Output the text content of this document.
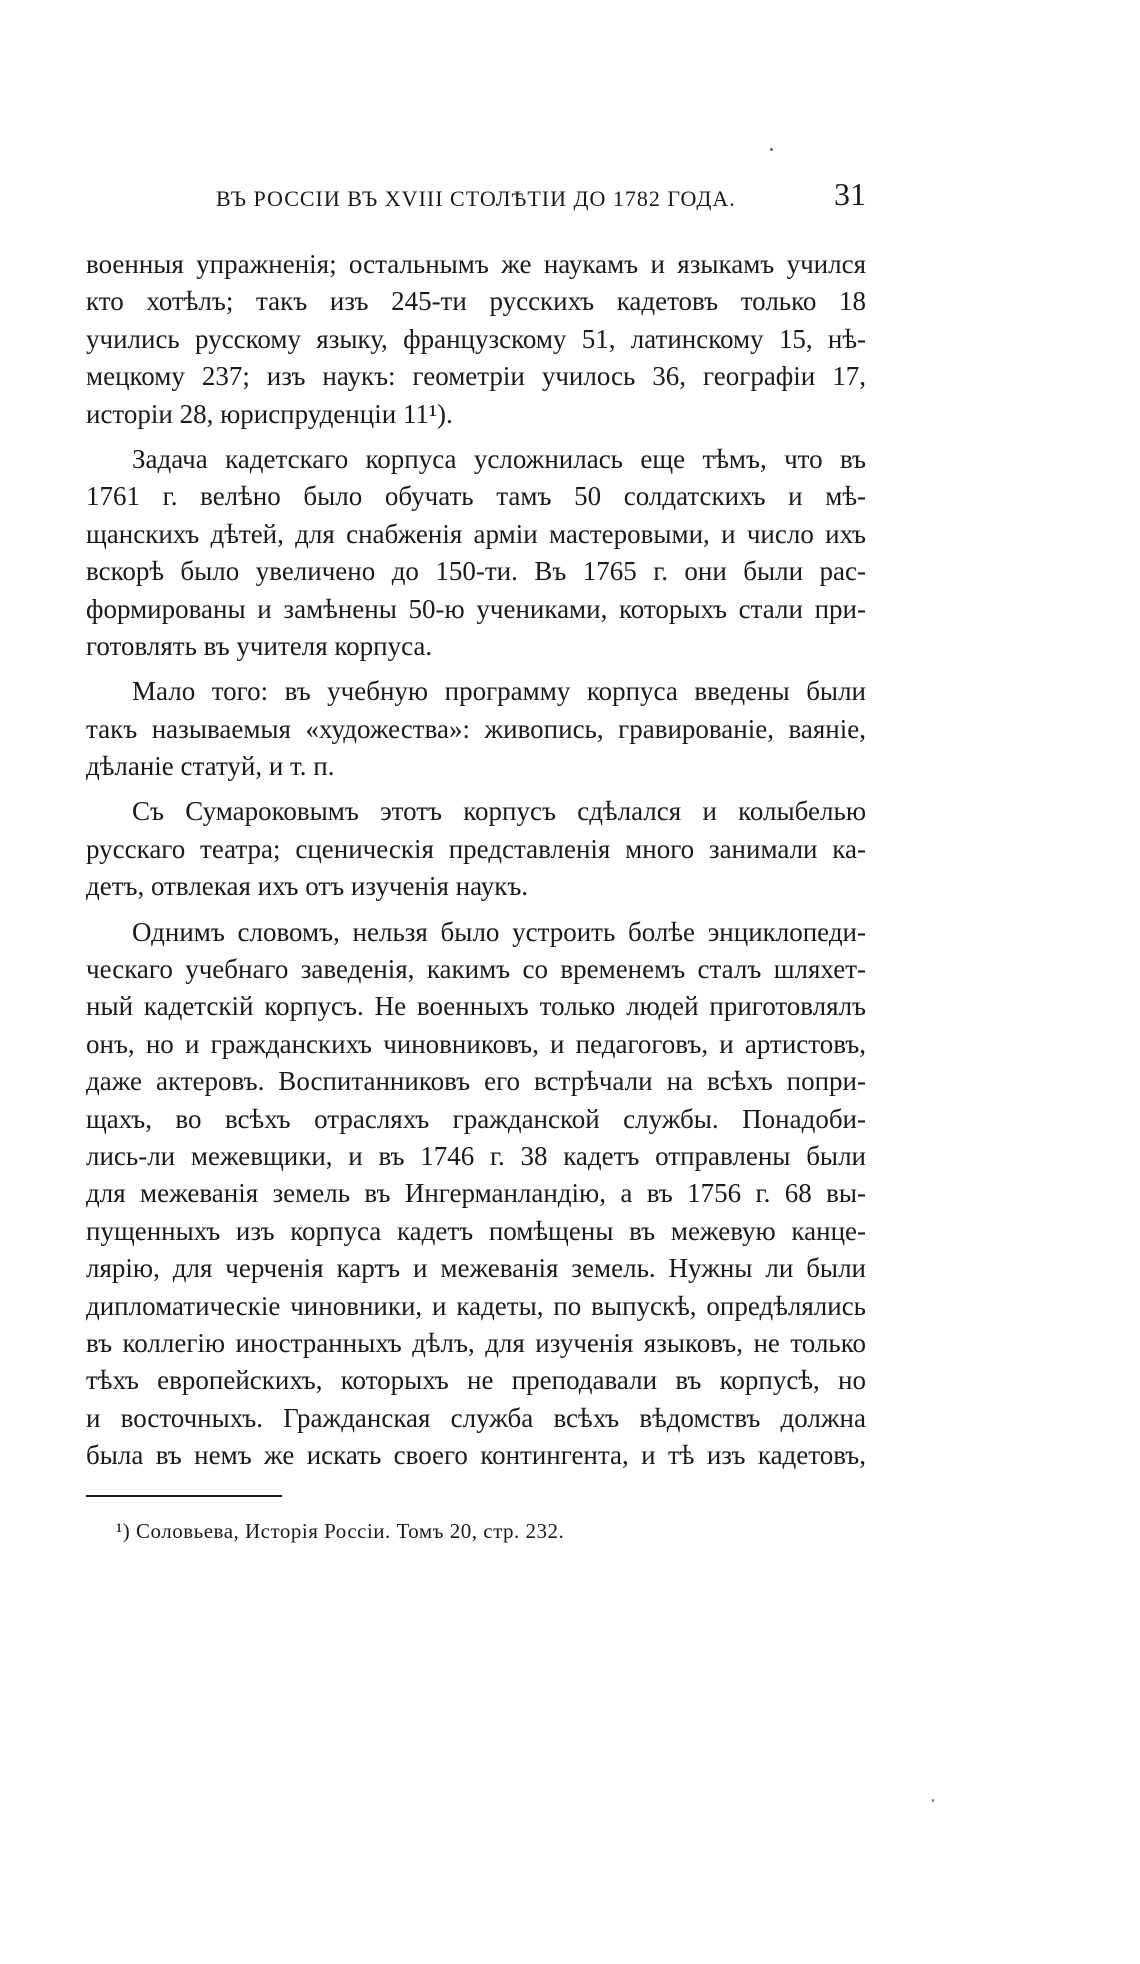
ВЪ РОССІИ ВЪ XVIII СТОЛѢТІИ ДО 1782 ГОДА.	31
военныя упражненія; остальнымъ же наукамъ и языкамъ учился
кто хотѣлъ; такъ изъ 245-ти русскихъ кадетовъ только 18
учились русскому языку, французскому 51, латинскому 15, нѣ-
мецкому 237; изъ наукъ: геометріи училось 36, географіи 17,
исторіи 28, юриспруденціи 11¹).
Задача кадетскаго корпуса усложнилась еще тѣмъ, что въ
1761 г. велѣно было обучать тамъ 50 солдатскихъ и мѣ-
щанскихъ дѣтей, для снабженія арміи мастеровыми, и число ихъ
вскорѣ было увеличено до 150-ти. Въ 1765 г. они были рас-
формированы и замѣнены 50-ю учениками, которыхъ стали при-
готовлять въ учителя корпуса.
Мало того: въ учебную программу корпуса введены были
такъ называемыя «художества»: живопись, гравированіе, ваяніе,
дѣланіе статуй, и т. п.
Съ Сумароковымъ этотъ корпусъ сдѣлался и колыбелью
русскаго театра; сценическія представленія много занимали ка-
детъ, отвлекая ихъ отъ изученія наукъ.
Однимъ словомъ, нельзя было устроить болѣе энциклопеди-
ческаго учебнаго заведенія, какимъ со временемъ сталъ шляхет-
ный кадетскій корпусъ. Не военныхъ только людей приготовлялъ
онъ, но и гражданскихъ чиновниковъ, и педагоговъ, и артистовъ,
даже актеровъ. Воспитанниковъ его встрѣчали на всѣхъ попри-
щахъ, во всѣхъ отрасляхъ гражданской службы. Понадоби-
лись-ли межевщики, и въ 1746 г. 38 кадетъ отправлены были
для межеванія земель въ Ингерманландію, а въ 1756 г. 68 вы-
пущенныхъ изъ корпуса кадетъ помѣщены въ межевую канце-
лярію, для черченія картъ и межеванія земель. Нужны ли были
дипломатическіе чиновники, и кадеты, по выпускѣ, опредѣлялись
въ коллегію иностранныхъ дѣлъ, для изученія языковъ, не только
тѣхъ европейскихъ, которыхъ не преподавали въ корпусѣ, но
и восточныхъ. Гражданская служба всѣхъ вѣдомствъ должна
была въ немъ же искать своего контингента, и тѣ изъ кадетовъ,
¹) Соловьева, Исторія Россіи. Томъ 20, стр. 232.
